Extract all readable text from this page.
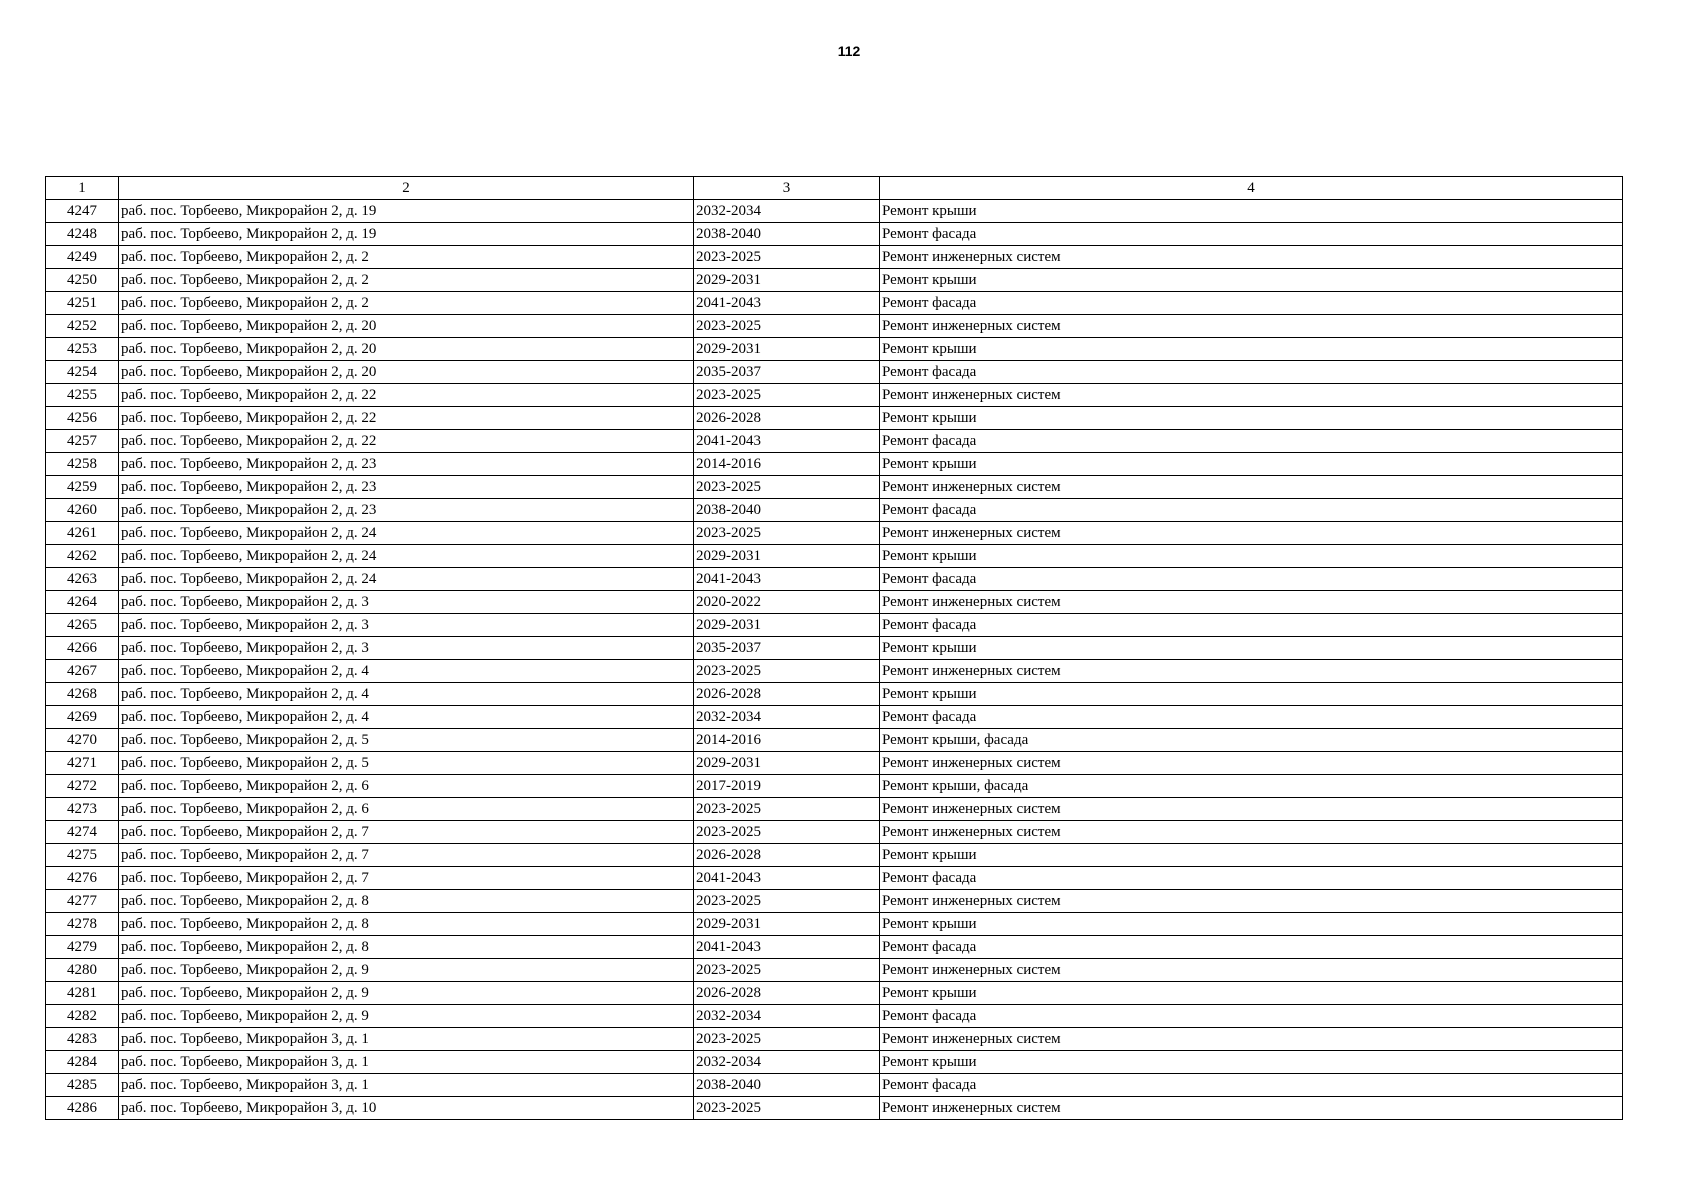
112
1	2	3	4
4247	раб. пос. Торбеево, Микрорайон 2, д. 19	2032-2034	Ремонт крыши
4248	раб. пос. Торбеево, Микрорайон 2, д. 19	2038-2040	Ремонт фасада
4249	раб. пос. Торбеево, Микрорайон 2, д. 2	2023-2025	Ремонт инженерных систем
4250	раб. пос. Торбеево, Микрорайон 2, д. 2	2029-2031	Ремонт крыши
4251	раб. пос. Торбеево, Микрорайон 2, д. 2	2041-2043	Ремонт фасада
4252	раб. пос. Торбеево, Микрорайон 2, д. 20	2023-2025	Ремонт инженерных систем
4253	раб. пос. Торбеево, Микрорайон 2, д. 20	2029-2031	Ремонт крыши
4254	раб. пос. Торбеево, Микрорайон 2, д. 20	2035-2037	Ремонт фасада
4255	раб. пос. Торбеево, Микрорайон 2, д. 22	2023-2025	Ремонт инженерных систем
4256	раб. пос. Торбеево, Микрорайон 2, д. 22	2026-2028	Ремонт крыши
4257	раб. пос. Торбеево, Микрорайон 2, д. 22	2041-2043	Ремонт фасада
4258	раб. пос. Торбеево, Микрорайон 2, д. 23	2014-2016	Ремонт крыши
4259	раб. пос. Торбеево, Микрорайон 2, д. 23	2023-2025	Ремонт инженерных систем
4260	раб. пос. Торбеево, Микрорайон 2, д. 23	2038-2040	Ремонт фасада
4261	раб. пос. Торбеево, Микрорайон 2, д. 24	2023-2025	Ремонт инженерных систем
4262	раб. пос. Торбеево, Микрорайон 2, д. 24	2029-2031	Ремонт крыши
4263	раб. пос. Торбеево, Микрорайон 2, д. 24	2041-2043	Ремонт фасада
4264	раб. пос. Торбеево, Микрорайон 2, д. 3	2020-2022	Ремонт инженерных систем
4265	раб. пос. Торбеево, Микрорайон 2, д. 3	2029-2031	Ремонт фасада
4266	раб. пос. Торбеево, Микрорайон 2, д. 3	2035-2037	Ремонт крыши
4267	раб. пос. Торбеево, Микрорайон 2, д. 4	2023-2025	Ремонт инженерных систем
4268	раб. пос. Торбеево, Микрорайон 2, д. 4	2026-2028	Ремонт крыши
4269	раб. пос. Торбеево, Микрорайон 2, д. 4	2032-2034	Ремонт фасада
4270	раб. пос. Торбеево, Микрорайон 2, д. 5	2014-2016	Ремонт крыши, фасада
4271	раб. пос. Торбеево, Микрорайон 2, д. 5	2029-2031	Ремонт инженерных систем
4272	раб. пос. Торбеево, Микрорайон 2, д. 6	2017-2019	Ремонт крыши, фасада
4273	раб. пос. Торбеево, Микрорайон 2, д. 6	2023-2025	Ремонт инженерных систем
4274	раб. пос. Торбеево, Микрорайон 2, д. 7	2023-2025	Ремонт инженерных систем
4275	раб. пос. Торбеево, Микрорайон 2, д. 7	2026-2028	Ремонт крыши
4276	раб. пос. Торбеево, Микрорайон 2, д. 7	2041-2043	Ремонт фасада
4277	раб. пос. Торбеево, Микрорайон 2, д. 8	2023-2025	Ремонт инженерных систем
4278	раб. пос. Торбеево, Микрорайон 2, д. 8	2029-2031	Ремонт крыши
4279	раб. пос. Торбеево, Микрорайон 2, д. 8	2041-2043	Ремонт фасада
4280	раб. пос. Торбеево, Микрорайон 2, д. 9	2023-2025	Ремонт инженерных систем
4281	раб. пос. Торбеево, Микрорайон 2, д. 9	2026-2028	Ремонт крыши
4282	раб. пос. Торбеево, Микрорайон 2, д. 9	2032-2034	Ремонт фасада
4283	раб. пос. Торбеево, Микрорайон 3, д. 1	2023-2025	Ремонт инженерных систем
4284	раб. пос. Торбеево, Микрорайон 3, д. 1	2032-2034	Ремонт крыши
4285	раб. пос. Торбеево, Микрорайон 3, д. 1	2038-2040	Ремонт фасада
4286	раб. пос. Торбеево, Микрорайон 3, д. 10	2023-2025	Ремонт инженерных систем
